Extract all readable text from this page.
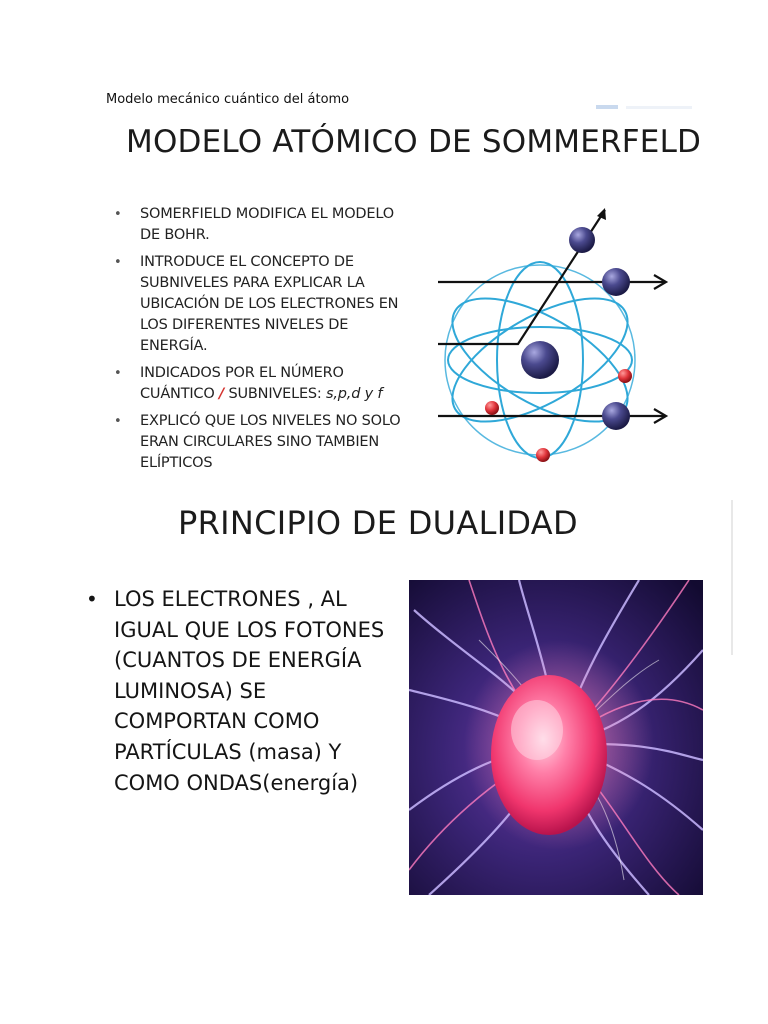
Modelo mecánico cuántico del átomo
MODELO ATÓMICO DE SOMMERFELD
• SOMERFIELD MODIFICA EL MODELO DE BOHR.
• INTRODUCE EL CONCEPTO DE SUBNIVELES PARA EXPLICAR LA UBICACIÓN DE LOS ELECTRONES EN LOS DIFERENTES NIVELES DE ENERGÍA.
• INDICADOS POR EL NÚMERO CUÁNTICO / SUBNIVELES: s,p,d y f
• EXPLICÓ QUE LOS NIVELES NO SOLO ERAN CIRCULARES SINO TAMBIEN ELÍPTICOS
PRINCIPIO DE DUALIDAD
• LOS ELECTRONES , AL IGUAL QUE LOS FOTONES (CUANTOS DE ENERGÍA LUMINOSA) SE COMPORTAN COMO PARTÍCULAS (masa) Y COMO ONDAS(energía)
